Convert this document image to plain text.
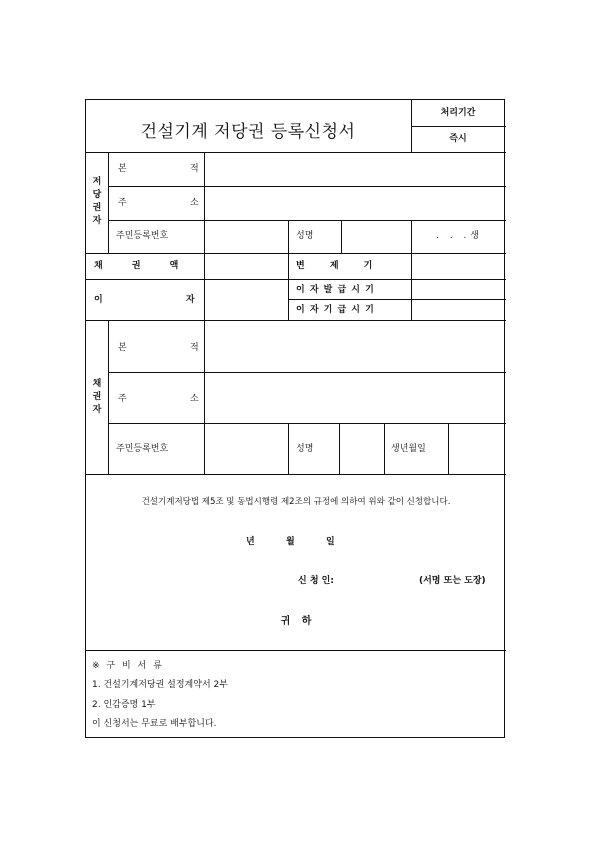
건설기계 저당권 등록신청서
처리기간
즉시
저당권자
본	적
주	소
주민등록번호	성명	. . .생
채 권 액	변 제 기
이 자
이 자 발 급 시 기
이 자 기 급 시 기
채권자
본	적
주	소
주민등록번호	성명	생년월일
건설기계저당법 제5조 및 동법시행령 제2조의 규정에 의하여 위와 같이 신청합니다.
년	월	일
신 청 인:	(서명 또는 도장)
귀 하
※ 구 비 서 류
1. 건설기계저당권 설정계약서 2부
2. 인감증명 1부
이 신청서는 무료로 배부합니다.
